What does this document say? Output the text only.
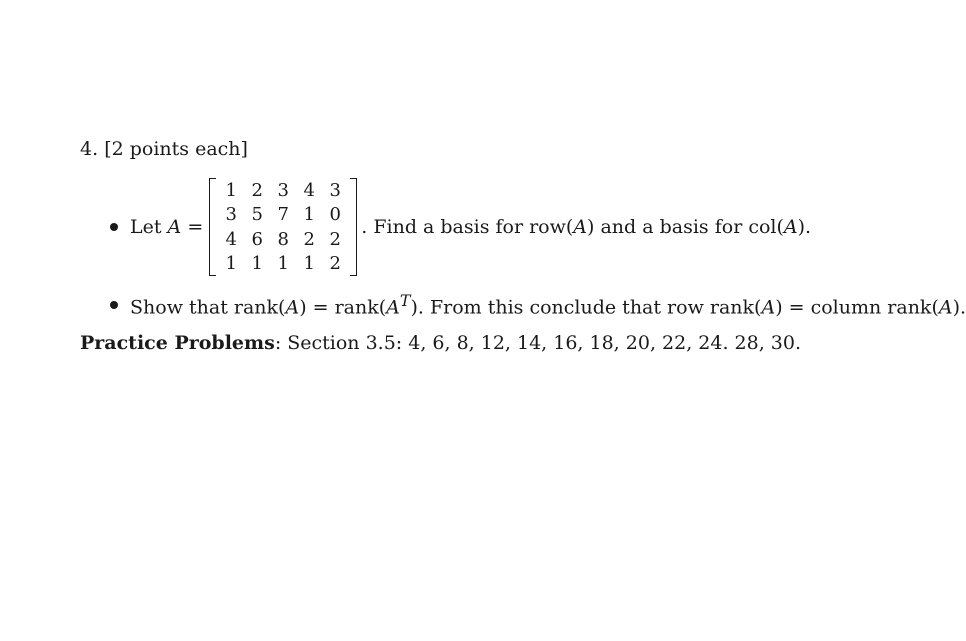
4. [2 points each]
Let
A
=
1 2 3 4 3
3 5 7 1 0
4 6 8 2 2
1 1 1 1 2
. Find a basis for row(A) and a basis for col(A).
Show that rank(A) = $rank(A^T)$. From this conclude that row rank(A) = column rank(A).
Practice Problems: Section 3.5: 4, 6, 8, 12, 14, 16, 18, 20, 22, 24. 28, 30.
